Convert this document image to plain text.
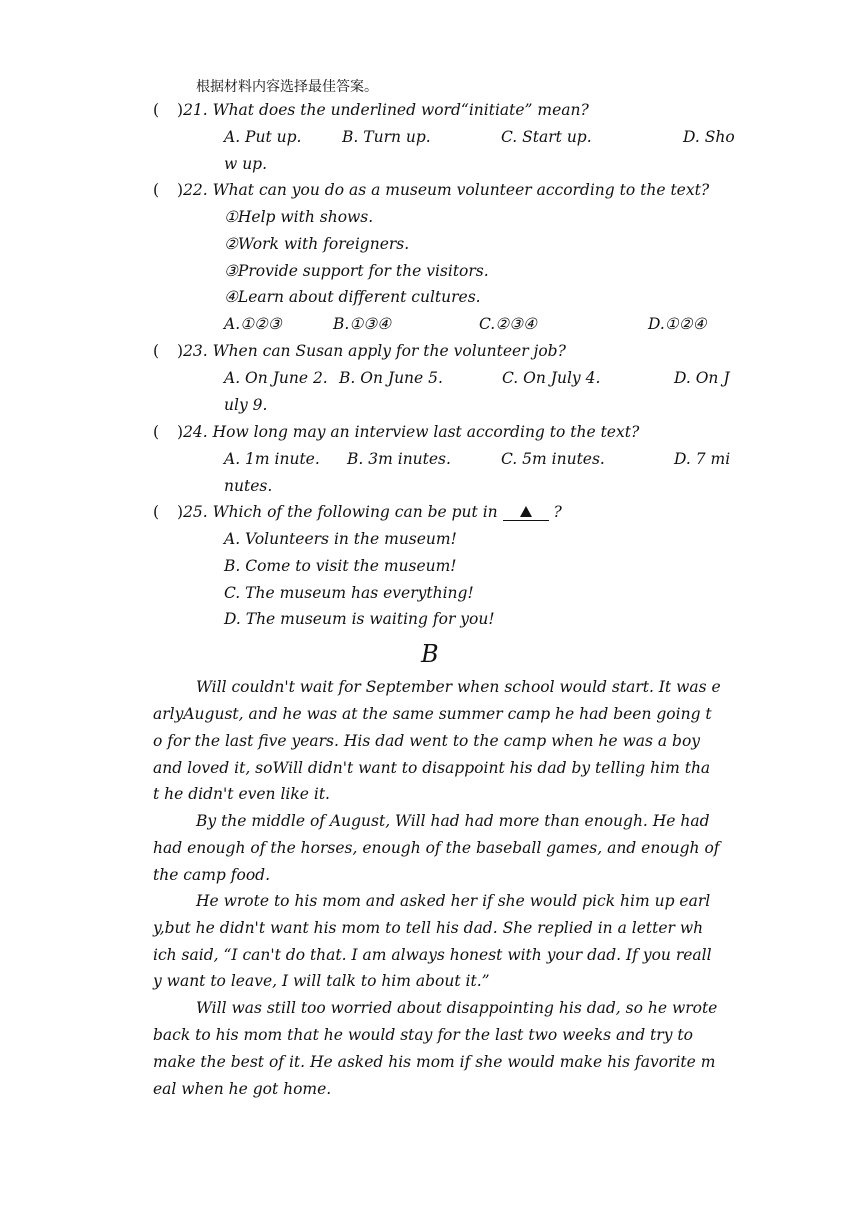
根据材料内容选择最佳答案。
( )21. What does the underlined word“initiate” mean?
A. Put up.	B. Turn up.	C. Start up.	D. Sho
w up.
( )22. What can you do as a museum volunteer according to the text?
①Help with shows.
②Work with foreigners.
③Provide support for the visitors.
④Learn about different cultures.
A.①②③	B.①③④	C.②③④	D.①②④
( )23. When can Susan apply for the volunteer job?
A. On June 2. B. On June 5.	C. On July 4.	D. On J
uly 9.
( )24. How long may an interview last according to the text?
A. 1m inute. B. 3m inutes.	C. 5m inutes.	D. 7 mi
nutes.
( )25. Which of the following can be put in	?
A. Volunteers in the museum!
B. Come to visit the museum!
C. The museum has everything!
D. The museum is waiting for you!
B
Will couldn't wait for September when school would start. It was e
arlyAugust, and he was at the same summer camp he had been going t
o for the last five years. His dad went to the camp when he was a boy
and loved it, soWill didn't want to disappoint his dad by telling him tha
t he didn't even like it.
By the middle of August, Will had had more than enough. He had
had enough of the horses, enough of the baseball games, and enough of
the camp food.
He wrote to his mom and asked her if she would pick him up earl
y,but he didn't want his mom to tell his dad. She replied in a letter wh
ich said, “I can't do that. I am always honest with your dad. If you reall
y want to leave, I will talk to him about it.”
Will was still too worried about disappointing his dad, so he wrote
back to his mom that he would stay for the last two weeks and try to
make the best of it. He asked his mom if she would make his favorite m
eal when he got home.
